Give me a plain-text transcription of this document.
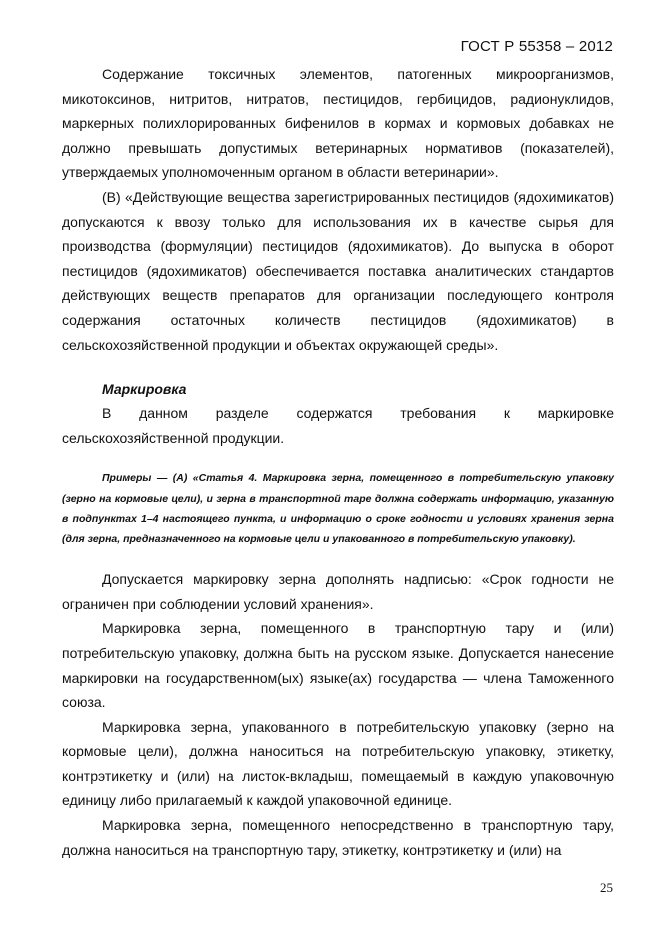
ГОСТ Р 55358 – 2012

Содержание токсичных элементов, патогенных микроорганизмов, микотоксинов, нитритов, нитратов, пестицидов, гербицидов, радионуклидов, маркерных полихлорированных бифенилов в кормах и кормовых добавках не должно превышать допустимых ветеринарных нормативов (показателей), утверждаемых уполномоченным органом в области ветеринарии».

(В) «Действующие вещества зарегистрированных пестицидов (ядохимикатов) допускаются к ввозу только для использования их в качестве сырья для производства (формуляции) пестицидов (ядохимикатов). До выпуска в оборот пестицидов (ядохимикатов) обеспечивается поставка аналитических стандартов действующих веществ препаратов для организации последующего контроля содержания остаточных количеств пестицидов (ядохимикатов) в сельскохозяйственной продукции и объектах окружающей среды».

Маркировка

В данном разделе содержатся требования к маркировке сельскохозяйственной продукции.

Примеры — (А) «Статья 4. Маркировка зерна, помещенного в потребительскую упаковку (зерно на кормовые цели), и зерна в транспортной таре должна содержать информацию, указанную в подпунктах 1–4 настоящего пункта, и информацию о сроке годности и условиях хранения зерна (для зерна, предназначенного на кормовые цели и упакованного в потребительскую упаковку).

Допускается маркировку зерна дополнять надписью: «Срок годности не ограничен при соблюдении условий хранения».

Маркировка зерна, помещенного в транспортную тару и (или) потребительскую упаковку, должна быть на русском языке. Допускается нанесение маркировки на государственном(ых) языке(ах) государства — члена Таможенного союза.

Маркировка зерна, упакованного в потребительскую упаковку (зерно на кормовые цели), должна наноситься на потребительскую упаковку, этикетку, контрэтикетку и (или) на листок-вкладыш, помещаемый в каждую упаковочную единицу либо прилагаемый к каждой упаковочной единице.

Маркировка зерна, помещенного непосредственно в транспортную тару, должна наноситься на транспортную тару, этикетку, контрэтикетку и (или) на

25
